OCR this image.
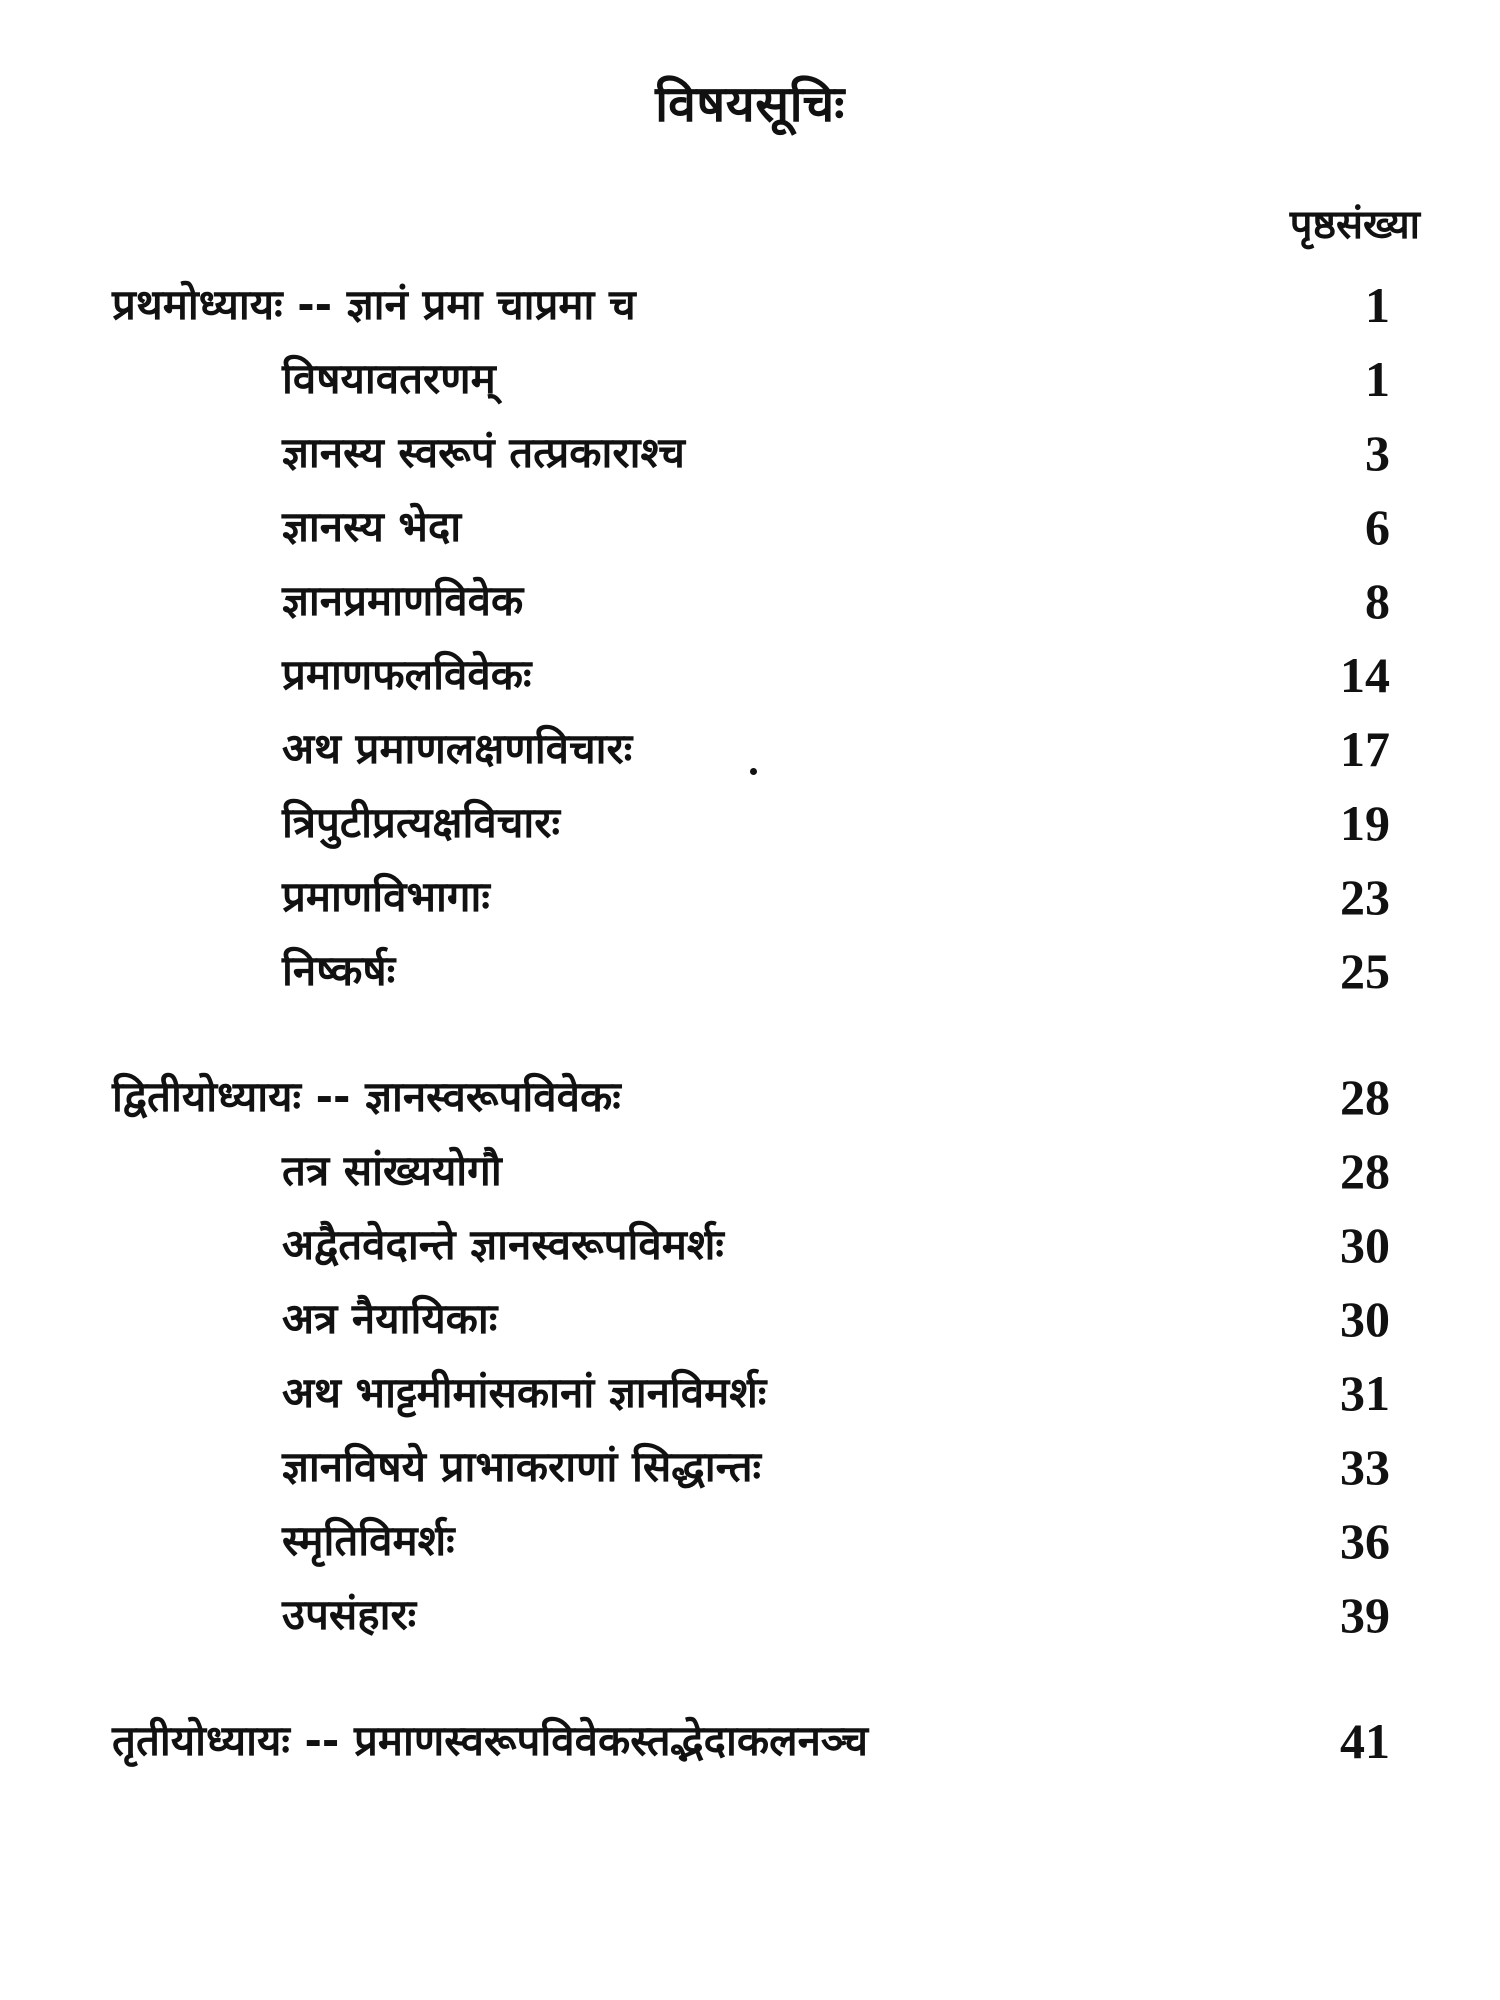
विषयसूचिः
पृष्ठसंख्या
प्रथमोध्यायः -- ज्ञानं प्रमा चाप्रमा च	1
विषयावतरणम्	1
ज्ञानस्य स्वरूपं तत्प्रकाराश्च	3
ज्ञानस्य भेदा	6
ज्ञानप्रमाणविवेक	8
प्रमाणफलविवेकः	14
अथ प्रमाणलक्षणविचारः	17
त्रिपुटीप्रत्यक्षविचारः	19
प्रमाणविभागाः	23
निष्कर्षः	25
द्वितीयोध्यायः -- ज्ञानस्वरूपविवेकः	28
तत्र सांख्ययोगौ	28
अद्वैतवेदान्ते ज्ञानस्वरूपविमर्शः	30
अत्र नैयायिकाः	30
अथ भाट्टमीमांसकानां ज्ञानविमर्शः	31
ज्ञानविषये प्राभाकराणां सिद्धान्तः	33
स्मृतिविमर्शः	36
उपसंहारः	39
तृतीयोध्यायः -- प्रमाणस्वरूपविवेकस्तद्भेदाकलनञ्च	41
